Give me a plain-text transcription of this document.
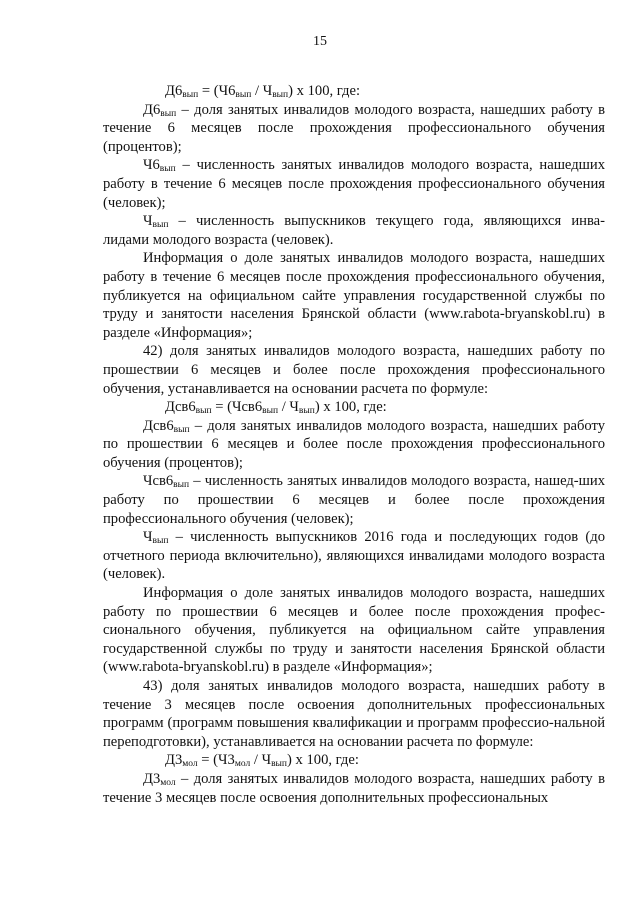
15

$Д6_{вып} = (Ч6_{вып} / Ч_{вып})$ х 100, где:

$Д6_{вып}$ – доля занятых инвалидов молодого возраста, нашедших работу в течение 6 месяцев после прохождения профессионального обучения (процентов);

$Ч6_{вып}$ – численность занятых инвалидов молодого возраста, нашедших работу в течение 6 месяцев после прохождения профессионального обучения (человек);

$Ч_{вып}$ – численность выпускников текущего года, являющихся инва-лидами молодого возраста (человек).

Информация о доле занятых инвалидов молодого возраста, нашедших работу в течение 6 месяцев после прохождения профессионального обучения, публикуется на официальном сайте управления государственной службы по труду и занятости населения Брянской области (www.rabota-bryanskobl.ru) в разделе «Информация»;

42) доля занятых инвалидов молодого возраста, нашедших работу по прошествии 6 месяцев и более после прохождения профессионального обучения, устанавливается на основании расчета по формуле:

$Дсв6_{вып} = (Чсв6_{вып} / Ч_{вып})$ х 100, где:

$Дсв6_{вып}$ – доля занятых инвалидов молодого возраста, нашедших работу по прошествии 6 месяцев и более после прохождения профессионального обучения (процентов);

$Чсв6_{вып}$ – численность занятых инвалидов молодого возраста, нашед-ших работу по прошествии 6 месяцев и более после прохождения профессионального обучения (человек);

$Ч_{вып}$ – численность выпускников 2016 года и последующих годов (до отчетного периода включительно), являющихся инвалидами молодого возраста (человек).

Информация о доле занятых инвалидов молодого возраста, нашедших работу по прошествии 6 месяцев и более после прохождения профес-сионального обучения, публикуется на официальном сайте управления государственной службы по труду и занятости населения Брянской области (www.rabota-bryanskobl.ru) в разделе «Информация»;

43) доля занятых инвалидов молодого возраста, нашедших работу в течение 3 месяцев после освоения дополнительных профессиональных программ (программ повышения квалификации и программ профессио-нальной переподготовки), устанавливается на основании расчета по формуле:

$Д3_{мол} = (Ч3_{мол} / Ч_{вып})$ х 100, где:

$Д3_{мол}$ – доля занятых инвалидов молодого возраста, нашедших работу в течение 3 месяцев после освоения дополнительных профессиональных
